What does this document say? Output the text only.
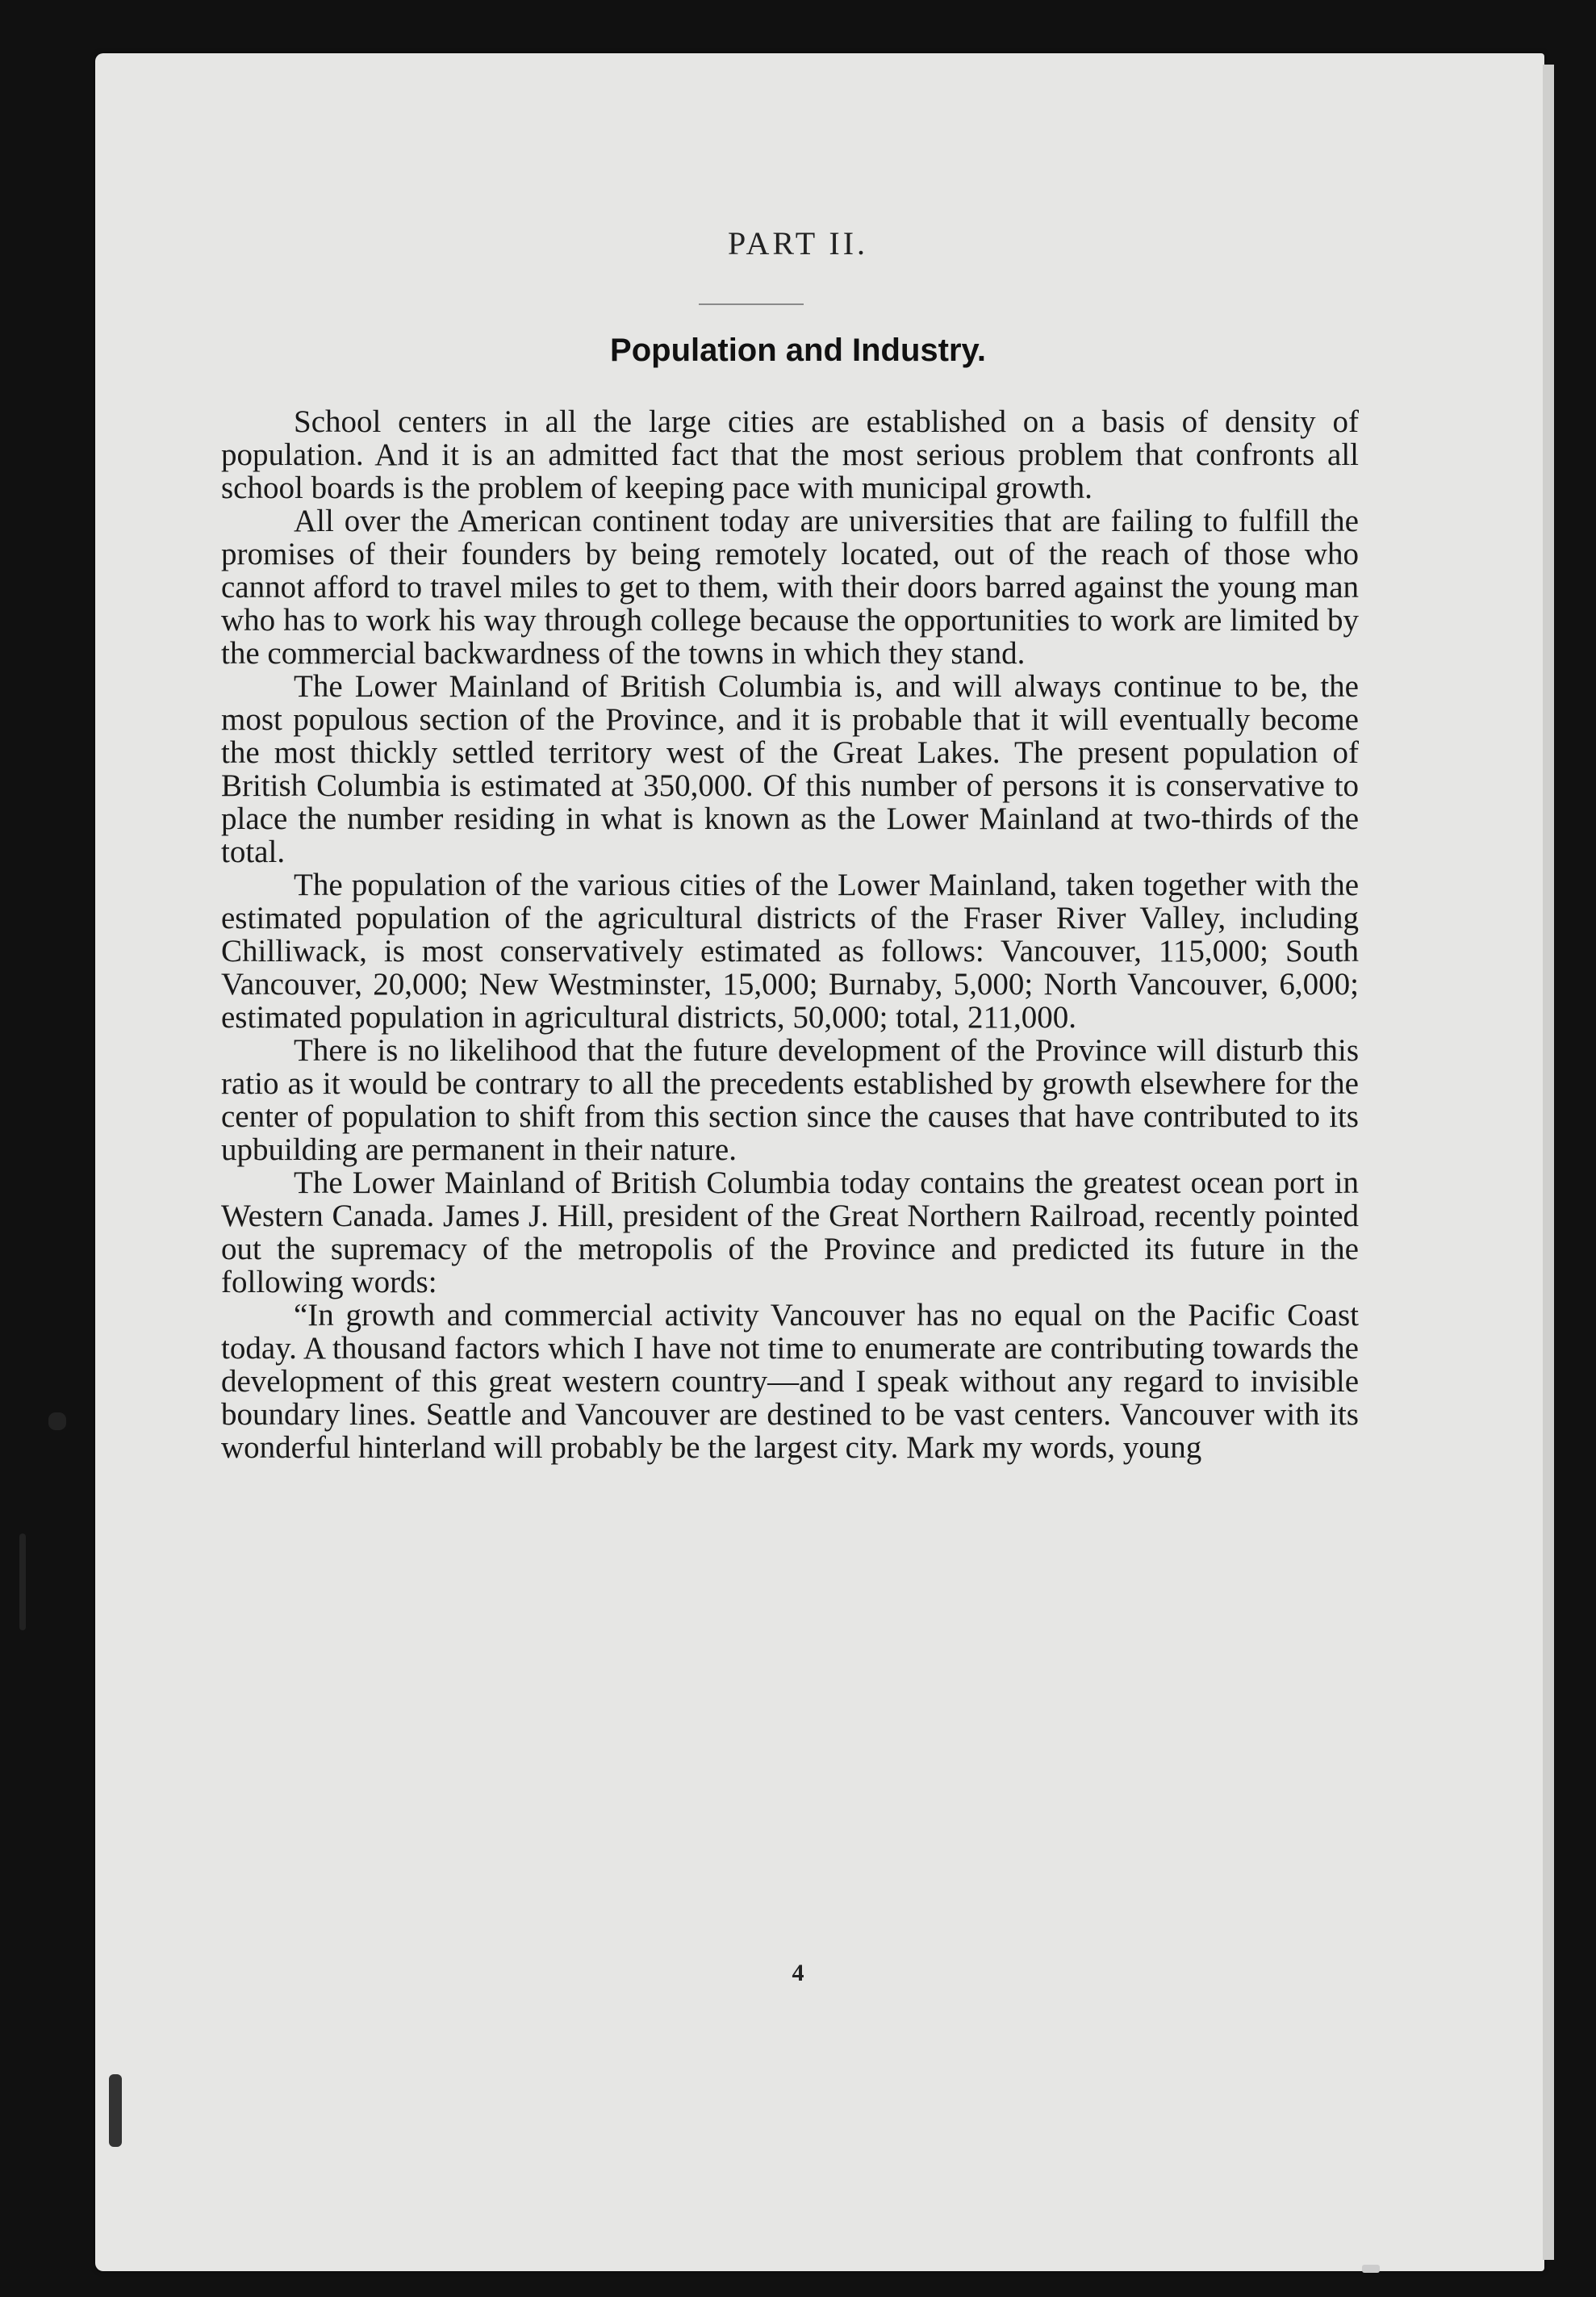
PART II.
Population and Industry.

School centers in all the large cities are established on a basis of density of population. And it is an admitted fact that the most serious problem that confronts all school boards is the problem of keeping pace with municipal growth.

All over the American continent today are universities that are failing to fulfill the promises of their founders by being remotely located, out of the reach of those who cannot afford to travel miles to get to them, with their doors barred against the young man who has to work his way through college because the opportunities to work are limited by the commercial backwardness of the towns in which they stand.

The Lower Mainland of British Columbia is, and will always continue to be, the most populous section of the Province, and it is probable that it will eventually become the most thickly settled territory west of the Great Lakes. The present population of British Columbia is estimated at 350,000. Of this number of persons it is conservative to place the number residing in what is known as the Lower Mainland at two-thirds of the total.

The population of the various cities of the Lower Mainland, taken together with the estimated population of the agricultural districts of the Fraser River Valley, including Chilliwack, is most conservatively estimated as follows: Vancouver, 115,000; South Vancouver, 20,000; New Westminster, 15,000; Burnaby, 5,000; North Vancouver, 6,000; estimated population in agricultural districts, 50,000; total, 211,000.

There is no likelihood that the future development of the Province will disturb this ratio as it would be contrary to all the precedents established by growth elsewhere for the center of population to shift from this section since the causes that have contributed to its upbuilding are permanent in their nature.

The Lower Mainland of British Columbia today contains the greatest ocean port in Western Canada. James J. Hill, president of the Great Northern Railroad, recently pointed out the supremacy of the metropolis of the Province and predicted its future in the following words:

“In growth and commercial activity Vancouver has no equal on the Pacific Coast today. A thousand factors which I have not time to enumerate are contributing towards the development of this great western country—and I speak without any regard to invisible boundary lines. Seattle and Vancouver are destined to be vast centers. Vancouver with its wonderful hinterland will probably be the largest city. Mark my words, young

4
